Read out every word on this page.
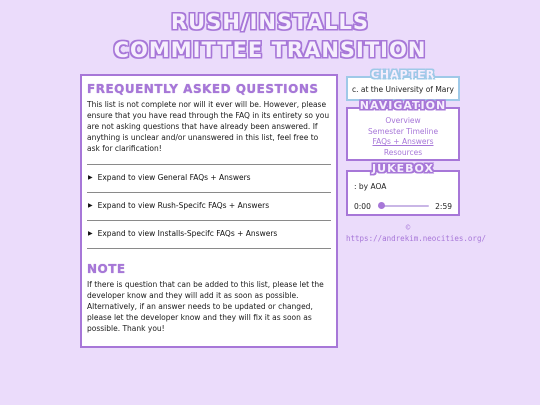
RUSH/INSTALLS
COMMITTEE TRANSITION
FREQUENTLY ASKED QUESTIONS

This list is not complete nor will it ever will be. However, please ensure that you have read through the FAQ in its entirety so you are not asking questions that have already been answered. If anything is unclear and/or unanswered in this list, feel free to ask for clarification!

▶ Expand to view General FAQs + Answers
▶ Expand to view Rush-Specifc FAQs + Answers
▶ Expand to view Installs-Specifc FAQs + Answers
NOTE

If there is question that can be added to this list, please let the developer know and they will add it as soon as possible. Alternatively, if an answer needs to be updated or changed, please let the developer know and they will fix it as soon as possible. Thank you!

CHAPTER
c. at the University of Mary
NAVIGATION
Overview
Semester Timeline
FAQs + Answers
Resources
JUKEBOX
: by AOA
0:00	2:59
©
https://andrekim.neocities.org/
